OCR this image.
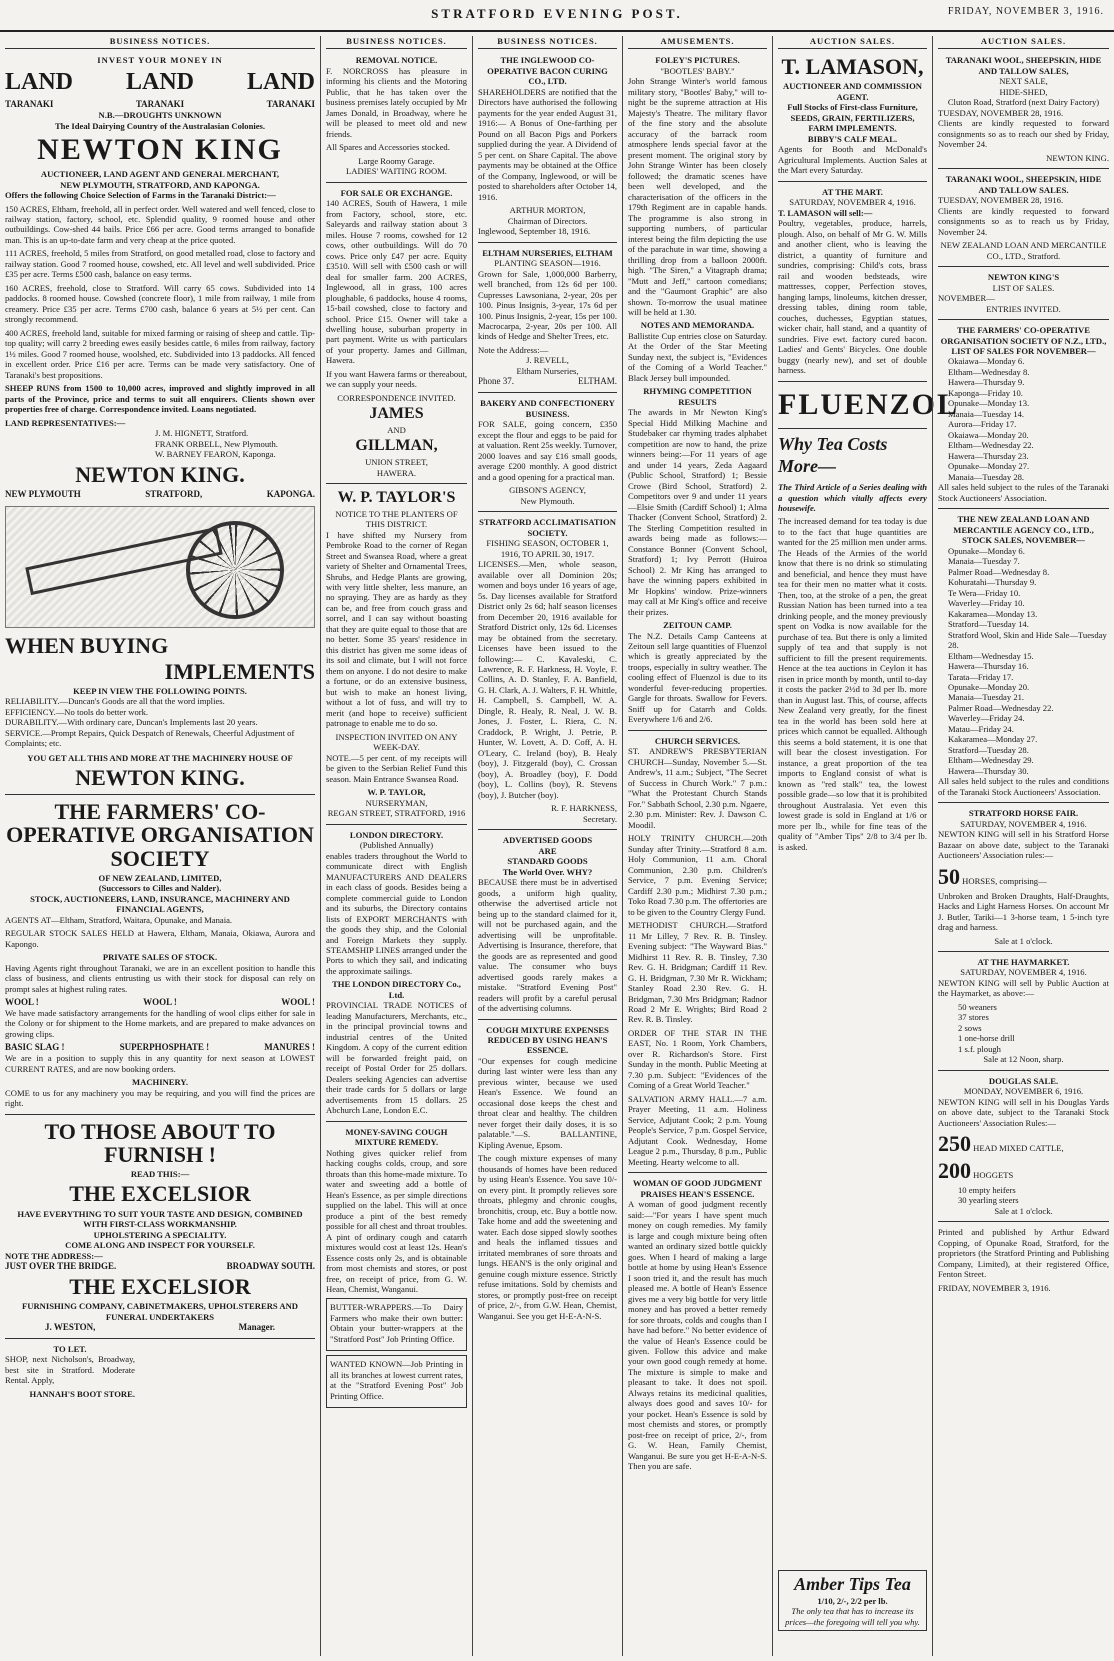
STRATFORD EVENING POST.	FRIDAY, NOVEMBER 3, 1916.
BUSINESS NOTICES.
INVEST YOUR MONEY IN
LAND LAND LAND
TARANAKI	TARANAKI	TARANAKI
N.B.—DROUGHTS UNKNOWN
The Ideal Dairying Country of the Australasian Colonies.
NEWTON KING
AUCTIONEER, LAND AGENT AND GENERAL MERCHANT,
NEW PLYMOUTH, STRATFORD, AND KAPONGA.

Offers the following Choice Selection of Farms in the Taranaki District:—

150 ACRES, Eltham, freehold, all in perfect order. Well watered and well fenced, close to railway station, factory, school, etc. Splendid quality, 9 roomed house and other outbuildings. Cow-shed 44 bails. Price £66 per acre. Good terms arranged to bonafide man. This is an up-to-date farm and very cheap at the price quoted.

111 ACRES, freehold, 5 miles from Stratford, on good metalled road, close to factory and railway station. Good 7 roomed house, cowshed, etc. All level and well subdivided. Price £35 per acre. Terms £500 cash, balance on easy terms.

160 ACRES, freehold, close to Stratford. Will carry 65 cows. Subdivided into 14 paddocks. 8 roomed house. Cowshed (concrete floor), 1 mile from railway, 1 mile from creamery. Price £35 per acre. Terms £700 cash, balance 6 years at 5½ per cent. Can strongly recommend.

400 ACRES, freehold land, suitable for mixed farming or raising of sheep and cattle. Tip-top quality; will carry 2 breeding ewes easily besides cattle, 6 miles from railway, factory 1½ miles. Good 7 roomed house, woolshed, etc. Subdivided into 13 paddocks. All fenced in excellent order. Price £16 per acre. Terms can be made very satisfactory. One of Taranaki's best propositions.

SHEEP RUNS from 1500 to 10,000 acres, improved and slightly improved in all parts of the Province, price and terms to suit all enquirers. Clients shown over properties free of charge. Correspondence invited. Loans negotiated.

LAND REPRESENTATIVES:—
J. M. HIGNETT, Stratford.
FRANK ORBELL, New Plymouth.
W. BARNEY FEARON, Kaponga.
NEWTON KING.
NEW PLYMOUTH	STRATFORD,	KAPONGA.
WHEN BUYING
IMPLEMENTS
KEEP IN VIEW THE FOLLOWING POINTS.
RELIABILITY.—Duncan's Goods are all that the word implies.
EFFICIENCY.—No tools do better work.
DURABILITY.—With ordinary care, Duncan's Implements last 20 years.
SERVICE.—Prompt Repairs, Quick Despatch of Renewals, Cheerful Adjustment of Complaints; etc.
YOU GET ALL THIS AND MORE AT THE MACHINERY HOUSE OF
NEWTON KING.
THE FARMERS' CO-OPERATIVE ORGANISATION SOCIETY
OF NEW ZEALAND, LIMITED,
(Successors to Cilles and Nalder).
STOCK, AUCTIONEERS, LAND, INSURANCE, MACHINERY AND FINANCIAL AGENTS,

AGENTS AT—Eltham, Stratford, Waitara, Opunake, and Manaia.

REGULAR STOCK SALES HELD at Hawera, Eltham, Manaia, Okiawa, Aurora and Kapongo.

PRIVATE SALES OF STOCK.

Having Agents right throughout Taranaki, we are in an excellent position to handle this class of business, and clients entrusting us with their stock for disposal can rely on prompt sales at highest ruling rates.

WOOL !	WOOL !	WOOL !

We have made satisfactory arrangements for the handling of wool clips either for sale in the Colony or for shipment to the Home markets, and are prepared to make advances on growing clips.

BASIC SLAG !	SUPERPHOSPHATE !	MANURES !

We are in a position to supply this in any quantity for next season at LOWEST CURRENT RATES, and are now booking orders.

MACHINERY.

COME to us for any machinery you may be requiring, and you will find the prices are right.

TO THOSE ABOUT TO FURNISH !
READ THIS:—
THE EXCELSIOR
HAVE EVERYTHING TO SUIT YOUR TASTE AND DESIGN, COMBINED WITH FIRST-CLASS WORKMANSHIP.
UPHOLSTERING A SPECIALITY.
COME ALONG AND INSPECT FOR YOURSELF.
NOTE THE ADDRESS:—
JUST OVER THE BRIDGE.	BROADWAY SOUTH.
THE EXCELSIOR
FURNISHING COMPANY, CABINETMAKERS, UPHOLSTERERS AND FUNERAL UNDERTAKERS
J. WESTON,	Manager.
TO LET.

SHOP, next Nicholson's, Broadway, best site in Stratford. Moderate Rental. Apply,

HANNAH'S BOOT STORE.
BUSINESS NOTICES.
REMOVAL NOTICE.

F. NORCROSS has pleasure in informing his clients and the Motoring Public, that he has taken over the business premises lately occupied by Mr James Donald, in Broadway, where he will be pleased to meet old and new friends.

All Spares and Accessories stocked.

Large Roomy Garage.
LADIES' WAITING ROOM.
FOR SALE OR EXCHANGE.

140 ACRES, South of Hawera, 1 mile from Factory, school, store, etc. Saleyards and railway station about 3 miles. House 7 rooms, cowshed for 12 cows, other outbuildings. Will do 70 cows. Price only £47 per acre. Equity £3510. Will sell with £500 cash or will deal for smaller farm. 200 ACRES, Inglewood, all in grass, 100 acres ploughable, 6 paddocks, house 4 rooms, 15-bail cowshed, close to factory and school. Price £15. Owner will take a dwelling house, suburban property in part payment. Write us with particulars of your property. James and Gillman, Hawera.

If you want Hawera farms or thereabout, we can supply your needs.

CORRESPONDENCE INVITED.
JAMES
AND
GILLMAN,
UNION STREET,
HAWERA.
W. P. TAYLOR'S
NOTICE TO THE PLANTERS OF THIS DISTRICT.

I have shifted my Nursery from Pembroke Road to the corner of Regan Street and Swansea Road, where a great variety of Shelter and Ornamental Trees, Shrubs, and Hedge Plants are growing, with very little shelter, less manure, an no spraying. They are as hardy as they can be, and free from couch grass and sorrel, and I can say without boasting that they are quite equal to those that are no better. Some 35 years' residence in this district has given me some ideas of its soil and climate, but I will not force them on anyone. I do not desire to make a fortune, or do an extensive business, but wish to make an honest living, without a lot of fuss, and will try to merit (and hope to receive) sufficient patronage to enable me to do so.

INSPECTION INVITED ON ANY WEEK-DAY.

NOTE.—5 per cent. of my receipts will be given to the Serbian Relief Fund this season. Main Entrance Swansea Road.

W. P. TAYLOR,
NURSERYMAN,
REGAN STREET, STRATFORD, 1916
LONDON DIRECTORY.
(Published Annually)

enables traders throughout the World to communicate direct with English MANUFACTURERS AND DEALERS in each class of goods. Besides being a complete commercial guide to London and its suburbs, the Directory contains lists of EXPORT MERCHANTS with the goods they ship, and the Colonial and Foreign Markets they supply. STEAMSHIP LINES arranged under the Ports to which they sail, and indicating the approximate sailings.

THE LONDON DIRECTORY Co., Ltd.

PROVINCIAL TRADE NOTICES of leading Manufacturers, Merchants, etc., in the principal provincial towns and industrial centres of the United Kingdom. A copy of the current edition will be forwarded freight paid, on receipt of Postal Order for 25 dollars. Dealers seeking Agencies can advertise their trade cards for 5 dollars or large advertisements from 15 dollars. 25 Abchurch Lane, London E.C.

MONEY-SAVING COUGH MIXTURE REMEDY.

Nothing gives quicker relief from hacking coughs colds, croup, and sore throats than this home-made mixture. To water and sweeting add a bottle of Hean's Essence, as per simple directions supplied on the label. This will at once produce a pint of the best remedy possible for all chest and throat troubles. A pint of ordinary cough and catarrh mixtures would cost at least 12s. Hean's Essence costs only 2s, and is obtainable from most chemists and stores, or post free, on receipt of price, from G. W. Hean, Chemist, Wanganui.

BUTTER-WRAPPERS.—To Dairy Farmers who make their own butter: Obtain your butter-wrappers at the "Stratford Post" Job Printing Office.

WANTED KNOWN—Job Printing in all its branches at lowest current rates, at the "Stratford Evening Post" Job Printing Office.

BUSINESS NOTICES.
THE INGLEWOOD CO-OPERATIVE BACON CURING CO., LTD.

SHAREHOLDERS are notified that the Directors have authorised the following payments for the year ended August 31, 1916:— A Bonus of One-farthing per Pound on all Bacon Pigs and Porkers supplied during the year. A Dividend of 5 per cent. on Share Capital. The above payments may be obtained at the Office of the Company, Inglewood, or will be posted to shareholders after October 14, 1916.

ARTHUR MORTON,
Chairman of Directors.
Inglewood, September 18, 1916.
ELTHAM NURSERIES, ELTHAM
PLANTING SEASON—1916.

Grown for Sale, 1,000,000 Barberry, well branched, from 12s 6d per 100. Cupresses Lawsoniana, 2-year, 20s per 100. Pinus Insignis, 3-year, 17s 6d per 100. Pinus Insignis, 2-year, 15s per 100. Macrocarpa, 2-year, 20s per 100. All kinds of Hedge and Shelter Trees, etc.

Note the Address:—
J. REVELL,
Eltham Nurseries,
Phone 37.	ELTHAM.
BAKERY AND CONFECTIONERY BUSINESS.

FOR SALE, going concern, £350 except the flour and eggs to be paid for at valuation. Rent 25s weekly. Turnover, 2000 loaves and say £16 small goods, average £200 monthly. A good district and a good opening for a practical man.

GIBSON'S AGENCY,
New Plymouth.
STRATFORD ACCLIMATISATION SOCIETY.
FISHING SEASON, OCTOBER 1, 1916, TO APRIL 30, 1917.

LICENSES.—Men, whole season, available over all Dominion 20s; women and boys under 16 years of age, 5s. Day licenses available for Stratford District only 2s 6d; half season licenses from December 20, 1916 available for Stratford District only, 12s 6d. Licenses may be obtained from the secretary. Licenses have been issued to the following:— C. Kavaleski, C. Lawrence, R. F. Harkness, H. Voyle, F. Collins, A. D. Stanley, F. A. Banfield, G. H. Clark, A. J. Walters, F. H. Whittle, H. Campbell, S. Campbell, W. A. Dingle, R. Healy, R. Neal, J. W. B. Jones, J. Foster, L. Riera, C. N. Craddock, P. Wright, J. Petrie, P. Hunter, W. Lovett, A. D. Coff, A. H. O'Leary, C. Ireland (boy), B. Healy (boy), J. Fitzgerald (boy), C. Crossan (boy), A. Broadley (boy), F. Dodd (boy), L. Collins (boy), R. Stevens (boy), J. Butcher (boy).

R. F. HARKNESS,
Secretary.
ADVERTISED GOODS
ARE
STANDARD GOODS
The World Over. WHY?

BECAUSE there must be in advertised goods, a uniform high quality, otherwise the advertised article not being up to the standard claimed for it, will not be purchased again, and the advertising will be unprofitable. Advertising is Insurance, therefore, that the goods are as represented and good value. The consumer who buys advertised goods rarely makes a mistake. "Stratford Evening Post" readers will profit by a careful perusal of the advertising columns.

COUGH MIXTURE EXPENSES REDUCED BY USING HEAN'S ESSENCE.

"Our expenses for cough medicine during last winter were less than any previous winter, because we used Hean's Essence. We found an occasional dose keeps the chest and throat clear and healthy. The children never forget their daily doses, it is so palatable."—S. BALLANTINE, Kipling Avenue, Epsom.

The cough mixture expenses of many thousands of homes have been reduced by using Hean's Essence. You save 10/- on every pint. It promptly relieves sore throats, phlegmy and chronic coughs, bronchitis, croup, etc. Buy a bottle now. Take home and add the sweetening and water. Each dose sipped slowly soothes and heals the inflamed tissues and irritated membranes of sore throats and lungs. HEAN'S is the only original and genuine cough mixture essence. Strictly refuse imitations. Sold by chemists and stores, or promptly post-free on receipt of price, 2/-, from G.W. Hean, Chemist, Wanganui. See you get H-E-A-N-S.

AMUSEMENTS.
FOLEY'S PICTURES.
"BOOTLES' BABY."

John Strange Winter's world famous military story, "Bootles' Baby," will to-night be the supreme attraction at His Majesty's Theatre. The military flavor of the fine story and the absolute accuracy of the barrack room atmosphere lends special favor at the present moment. The original story by John Strange Winter has been closely followed; the dramatic scenes have been well developed, and the characterisation of the officers in the 179th Regiment are in capable hands. The programme is also strong in supporting numbers, of particular interest being the film depicting the use of the parachute in war time, showing a thrilling drop from a balloon 2000ft. high. "The Siren," a Vitagraph drama; "Mutt and Jeff," cartoon comedians; and the "Gaumont Graphic" are also shown. To-morrow the usual matinee will be held at 1.30.

NOTES AND MEMORANDA.

Ballistite Cup entries close on Saturday. At the Order of the Star Meeting Sunday next, the subject is, "Evidences of the Coming of a World Teacher." Black Jersey bull impounded.

RHYMING COMPETITION RESULTS

The awards in Mr Newton King's Special Hidd Milking Machine and Studebaker car rhyming trades alphabet competition are now to hand, the prize winners being:—For 11 years of age and under 14 years, Zeda Aagaard (Public School, Stratford) 1; Bessie Crowe (Bird School, Stratford) 2. Competitors over 9 and under 11 years—Elsie Smith (Cardiff School) 1; Alma Thacker (Convent School, Stratford) 2. The Sterling Competition resulted in awards being made as follows:—Constance Bonner (Convent School, Stratford) 1; Ivy Perrott (Huiroa School) 2. Mr King has arranged to have the winning papers exhibited in Mr Hopkins' window. Prize-winners may call at Mr King's office and receive their prizes.

ZEITOUN CAMP.

The N.Z. Details Camp Canteens at Zeitoun sell large quantities of Fluenzol which is greatly appreciated by the troops, especially in sultry weather. The cooling effect of Fluenzol is due to its wonderful fever-reducing properties. Gargle for throats. Swallow for Fevers. Sniff up for Catarrh and Colds. Everywhere 1/6 and 2/6.

CHURCH SERVICES.

ST. ANDREW'S PRESBYTERIAN CHURCH—Sunday, November 5.—St. Andrew's, 11 a.m.; Subject, "The Secret of Success in Church Work." 7 p.m.: "What the Protestant Church Stands For." Sabbath School, 2.30 p.m. Ngaere, 2.30 p.m. Minister: Rev. J. Dawson C. Moodil.

HOLY TRINITY CHURCH.—20th Sunday after Trinity.—Stratford 8 a.m. Holy Communion, 11 a.m. Choral Communion, 2.30 p.m. Children's Service, 7 p.m. Evening Service; Cardiff 2.30 p.m.; Midhirst 7.30 p.m.; Toko Road 7.30 p.m. The offertories are to be given to the Country Clergy Fund.

METHODIST CHURCH.—Stratford 11 Mr Lilley, 7 Rev. R. B. Tinsley. Evening subject: "The Wayward Bias." Midhirst 11 Rev. R. B. Tinsley, 7.30 Rev. G. H. Bridgman; Cardiff 11 Rev. G. H. Bridgman, 7.30 Mr R. Wickham; Stanley Road 2.30 Rev. G. H. Bridgman, 7.30 Mrs Bridgman; Radnor Road 2 Mr E. Wrights; Bird Road 2 Rev. R. B. Tinsley.

ORDER OF THE STAR IN THE EAST, No. 1 Room, York Chambers, over R. Richardson's Store. First Sunday in the month. Public Meeting at 7.30 p.m. Subject: "Evidences of the Coming of a Great World Teacher."

SALVATION ARMY HALL.—7 a.m. Prayer Meeting, 11 a.m. Holiness Service, Adjutant Cook; 2 p.m. Young People's Service, 7 p.m. Gospel Service, Adjutant Cook. Wednesday, Home League 2 p.m., Thursday, 8 p.m., Public Meeting. Hearty welcome to all.

WOMAN OF GOOD JUDGMENT PRAISES HEAN'S ESSENCE.

A woman of good judgment recently said:—"For years I have spent much money on cough remedies. My family is large and cough mixture being often wanted an ordinary sized bottle quickly goes. When I heard of making a large bottle at home by using Hean's Essence I soon tried it, and the result has much pleased me. A bottle of Hean's Essence gives me a very big bottle for very little money and has proved a better remedy for sore throats, colds and coughs than I have had before." No better evidence of the value of Hean's Essence could be given. Follow this advice and make your own good cough remedy at home. The mixture is simple to make and pleasant to take. It does not spoil. Always retains its medicinal qualities, always does good and saves 10/- for your pocket. Hean's Essence is sold by most chemists and stores, or promptly post-free on receipt of price, 2/-, from G. W. Hean, Family Chemist, Wanganui. Be sure you get H-E-A-N-S. Then you are safe.

AUCTION SALES.
T. LAMASON,
AUCTIONEER AND COMMISSION AGENT.
Full Stocks of First-class Furniture, SEEDS, GRAIN, FERTILIZERS, FARM IMPLEMENTS.
BIBBY'S CALF MEAL.

Agents for Booth and McDonald's Agricultural Implements. Auction Sales at the Mart every Saturday.

AT THE MART.
SATURDAY, NOVEMBER 4, 1916.
T. LAMASON will sell:—

Poultry, vegetables, produce, harrels, plough. Also, on behalf of Mr G. W. Mills and another client, who is leaving the district, a quantity of furniture and sundries, comprising: Child's cots, brass rail and wooden bedsteads, wire mattresses, copper, Perfection stoves, hanging lamps, linoleums, kitchen dresser, dressing tables, dining room table, couches, duchesses, Egyptian statues, wicker chair, hall stand, and a quantity of sundries. Five ewt. factory cured bacon. Ladies' and Gents' Bicycles. One double buggy (nearly new), and set of double harness.

FLUENZOL
Why Tea Costs More—

The Third Article of a Series dealing with a question which vitally affects every housewife.

The increased demand for tea today is due to to the fact that huge quantities are wanted for the 25 million men under arms. The Heads of the Armies of the world know that there is no drink so stimulating and beneficial, and hence they must have tea for their men no matter what it costs. Then, too, at the stroke of a pen, the great Russian Nation has been turned into a tea drinking people, and the money previously spent on Vodka is now available for the purchase of tea. But there is only a limited supply of tea and that supply is not sufficient to fill the present requirements. Hence at the tea auctions in Ceylon it has risen in price month by month, until to-day it costs the packer 2½d to 3d per lb. more than in August last. This, of course, affects New Zealand very greatly, for the finest tea in the world has been sold here at prices which cannot be equalled. Although this seems a bold statement, it is one that will bear the closest investigation. For instance, a great proportion of the tea imports to England consist of what is known as "red stalk" tea, the lowest possible grade—so low that it is prohibited throughout Australasia. Yet even this lowest grade is sold in England at 1/6 or more per lb., while for fine teas of the quality of "Amber Tips" 2/8 to 3/4 per lb. is asked.

Amber Tips Tea
1/10, 2/-, 2/2 per lb.
The only tea that has to increase its prices—the foregoing will tell you why.
AUCTION SALES.
TARANAKI WOOL, SHEEPSKIN, HIDE AND TALLOW SALES,
NEXT SALE,
HIDE-SHED,
Cluton Road, Stratford (next Dairy Factory)
TUESDAY, NOVEMBER 28, 1916.

Clients are kindly requested to forward consignments so as to reach our shed by Friday, November 24.

NEWTON KING.
TARANAKI WOOL, SHEEPSKIN, HIDE AND TALLOW SALES.
TUESDAY, NOVEMBER 28, 1916.

Clients are kindly requested to forward consignments so as to reach us by Friday, November 24.

NEW ZEALAND LOAN AND MERCANTILE CO., LTD., Stratford.
NEWTON KING'S
LIST OF SALES.
NOVEMBER—
ENTRIES INVITED.
THE FARMERS' CO-OPERATIVE ORGANISATION SOCIETY OF N.Z., LTD., LIST OF SALES FOR NOVEMBER—
Okaiawa—Monday 6.
Eltham—Wednesday 8.
Hawera—Thursday 9.
Kaponga—Friday 10.
Opunake—Monday 13.
Manaia—Tuesday 14.
Aurora—Friday 17.
Okaiawa—Monday 20.
Eltham—Wednesday 22.
Hawera—Thursday 23.
Opunake—Monday 27.
Manaia—Tuesday 28.

All sales held subject to the rules of the Taranaki Stock Auctioneers' Association.

THE NEW ZEALAND LOAN AND MERCANTILE AGENCY CO., LTD., STOCK SALES, NOVEMBER—
Opunake—Monday 6.
Manaia—Tuesday 7.
Palmer Road—Wednesday 8.
Kohuratahi—Thursday 9.
Te Wera—Friday 10.
Waverley—Friday 10.
Kakaramea—Monday 13.
Stratford—Tuesday 14.
Stratford Wool, Skin and Hide Sale—Tuesday 28.
Eltham—Wednesday 15.
Hawera—Thursday 16.
Tarata—Friday 17.
Opunake—Monday 20.
Manaia—Tuesday 21.
Palmer Road—Wednesday 22.
Waverley—Friday 24.
Matau—Friday 24.
Kakaramea—Monday 27.
Stratford—Tuesday 28.
Eltham—Wednesday 29.
Hawera—Thursday 30.

All sales held subject to the rules and conditions of the Taranaki Stock Auctioneers' Association.

STRATFORD HORSE FAIR.
SATURDAY, NOVEMBER 4, 1916.

NEWTON KING will sell in his Stratford Horse Bazaar on above date, subject to the Taranaki Auctioneers' Association rules:—

50 HORSES, comprising—

Unbroken and Broken Draughts, Half-Draughts, Hacks and Light Harness Horses. On account Mr J. Butler, Tariki—1 3-horse team, 1 5-inch tyre drag and harness.

Sale at 1 o'clock.
AT THE HAYMARKET.
SATURDAY, NOVEMBER 4, 1916.

NEWTON KING will sell by Public Auction at the Haymarket, as above:—

50 weaners
37 stores
2 sows
1 one-horse drill
1 s.f. plough
Sale at 12 Noon, sharp.
DOUGLAS SALE.
MONDAY, NOVEMBER 6, 1916.

NEWTON KING will sell in his Douglas Yards on above date, subject to the Taranaki Stock Auctioneers' Association Rules:—

250 HEAD MIXED CATTLE,
200 HOGGETS
10 empty heifers
30 yearling steers
Sale at 1 o'clock.

Printed and published by Arthur Edward Copping, of Opunake Road, Stratford, for the proprietors (the Stratford Printing and Publishing Company, Limited), at their registered Office, Fenton Street.

FRIDAY, NOVEMBER 3, 1916.
